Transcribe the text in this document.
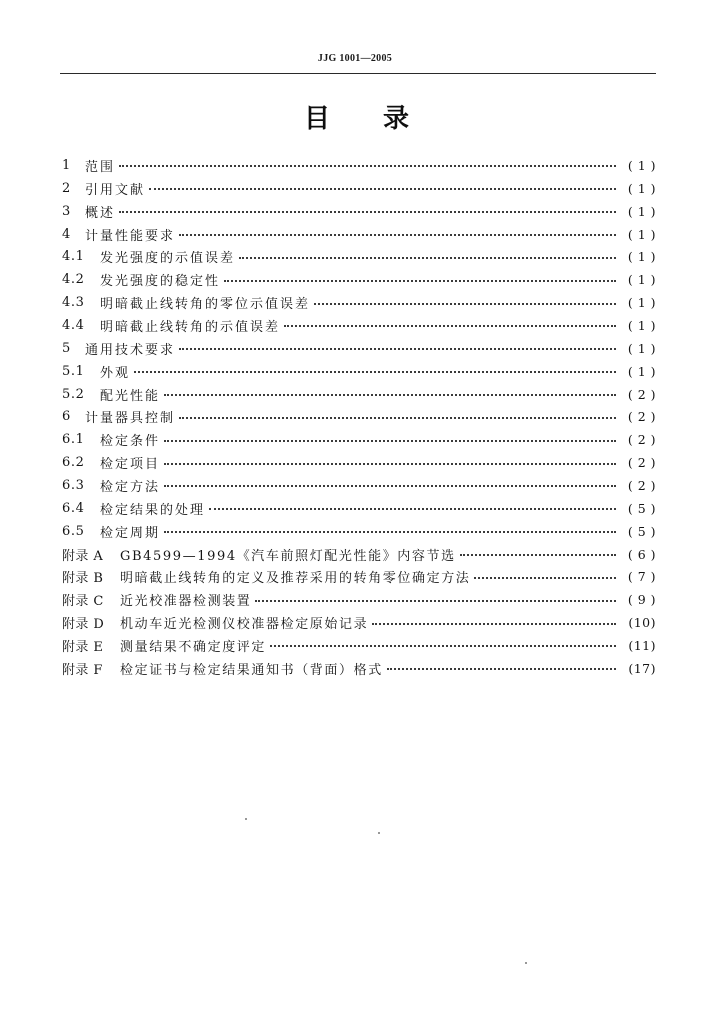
JJG 1001—2005
目 录
1	范围	( 1 )
2	引用文献	( 1 )
3	概述	( 1 )
4	计量性能要求	( 1 )
4.1	发光强度的示值误差	( 1 )
4.2	发光强度的稳定性	( 1 )
4.3	明暗截止线转角的零位示值误差	( 1 )
4.4	明暗截止线转角的示值误差	( 1 )
5	通用技术要求	( 1 )
5.1	外观	( 1 )
5.2	配光性能	( 2 )
6	计量器具控制	( 2 )
6.1	检定条件	( 2 )
6.2	检定项目	( 2 )
6.3	检定方法	( 2 )
6.4	检定结果的处理	( 5 )
6.5	检定周期	( 5 )
附录 A	GB4599—1994《汽车前照灯配光性能》内容节选	( 6 )
附录 B	明暗截止线转角的定义及推荐采用的转角零位确定方法	( 7 )
附录 C	近光校准器检测装置	( 9 )
附录 D	机动车近光检测仪校准器检定原始记录	(10)
附录 E	测量结果不确定度评定	(11)
附录 F	检定证书与检定结果通知书（背面）格式	(17)
